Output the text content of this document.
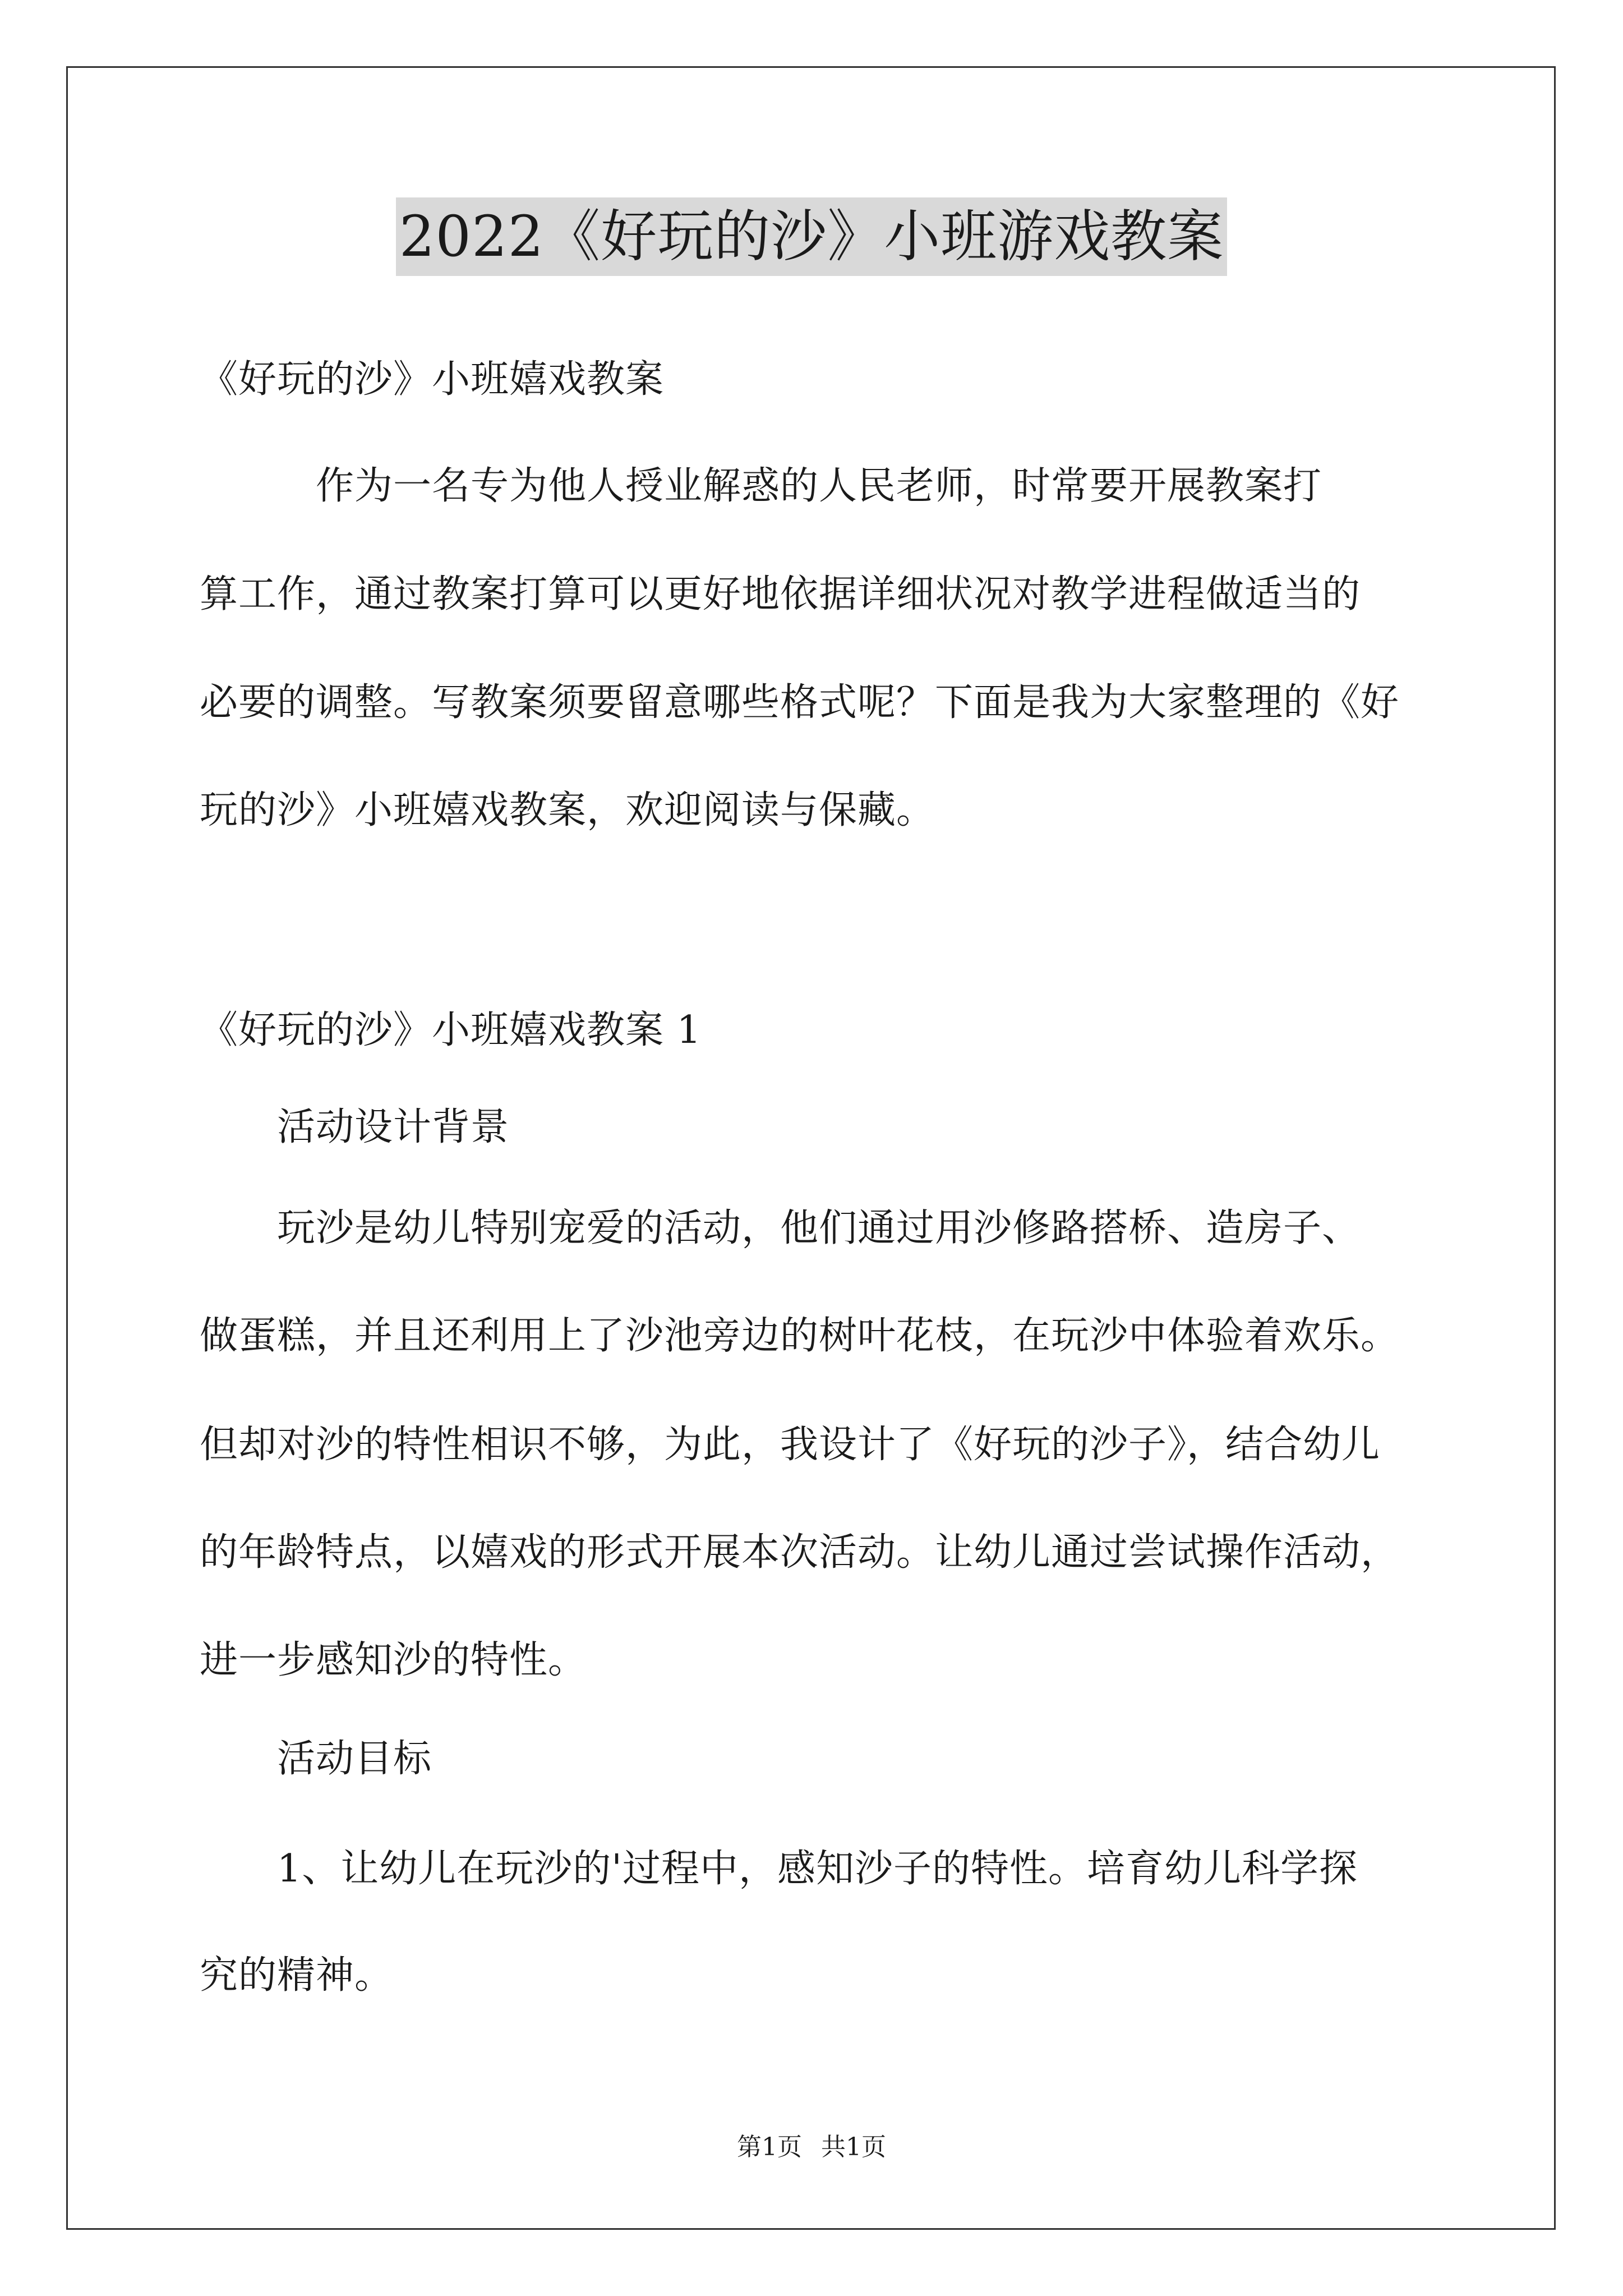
2022《好玩的沙》小班游戏教案
《好玩的沙》小班嬉戏教案
　　　作为一名专为他人授业解惑的人民老师，时常要开展教案打
算工作，通过教案打算可以更好地依据详细状况对教学进程做适当的
必要的调整。写教案须要留意哪些格式呢？下面是我为大家整理的《好
玩的沙》小班嬉戏教案，欢迎阅读与保藏。
《好玩的沙》小班嬉戏教案 1
　　活动设计背景
　　玩沙是幼儿特别宠爱的活动，他们通过用沙修路搭桥、造房子、
做蛋糕，并且还利用上了沙池旁边的树叶花枝，在玩沙中体验着欢乐。
但却对沙的特性相识不够，为此，我设计了《好玩的沙子》，结合幼儿
的年龄特点，以嬉戏的形式开展本次活动。让幼儿通过尝试操作活动，
进一步感知沙的特性。
　　活动目标
　　1、让幼儿在玩沙的'过程中，感知沙子的特性。培育幼儿科学探
究的精神。
第1页 共1页
